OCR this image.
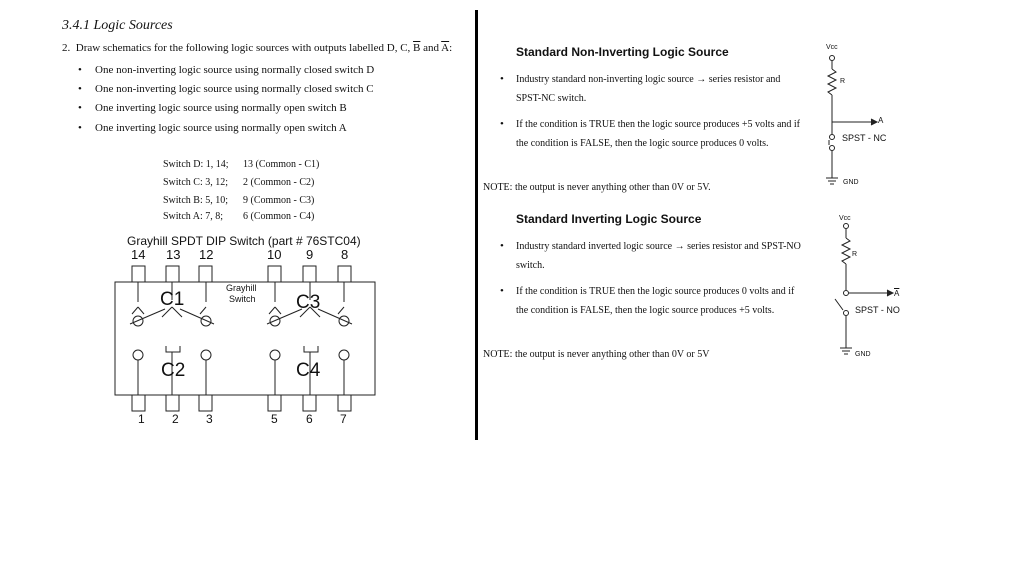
3.4.1 Logic Sources
2. Draw schematics for the following logic sources with outputs labelled D, C, $\overline{B}$ and $\overline{A}$:
• One non-inverting logic source using normally closed switch D
• One non-inverting logic source using normally closed switch C
• One inverting logic source using normally open switch B
• One inverting logic source using normally open switch A
Switch D: 1, 14; 13 (Common - C1)
Switch C: 3, 12; 2 (Common - C2)
Switch B: 5, 10; 9 (Common - C3)
Switch A: 7, 8; 6 (Common - C4)
Grayhill SPDT DIP Switch (part # 76STC04)
14 13 12	10 9 8
C1
C2
C3
C4
Grayhill
Switch
1 2 3	5 6 7
Standard Non-Inverting Logic Source
• Industry standard non-inverting logic source → series resistor and SPST-NC switch.
• If the condition is TRUE then the logic source produces +5 volts and if the condition is FALSE, then the logic source produces 0 volts.
NOTE: the output is never anything other than 0V or 5V.
Vcc
R
A
SPST - NC
GND
Standard Inverting Logic Source
• Industry standard inverted logic source → series resistor and SPST-NO switch.
• If the condition is TRUE then the logic source produces 0 volts and if the condition is FALSE, then the logic source produces +5 volts.
NOTE: the output is never anything other than 0V or 5V
Vcc
R
$\overline{A}$
SPST - NO
GND
